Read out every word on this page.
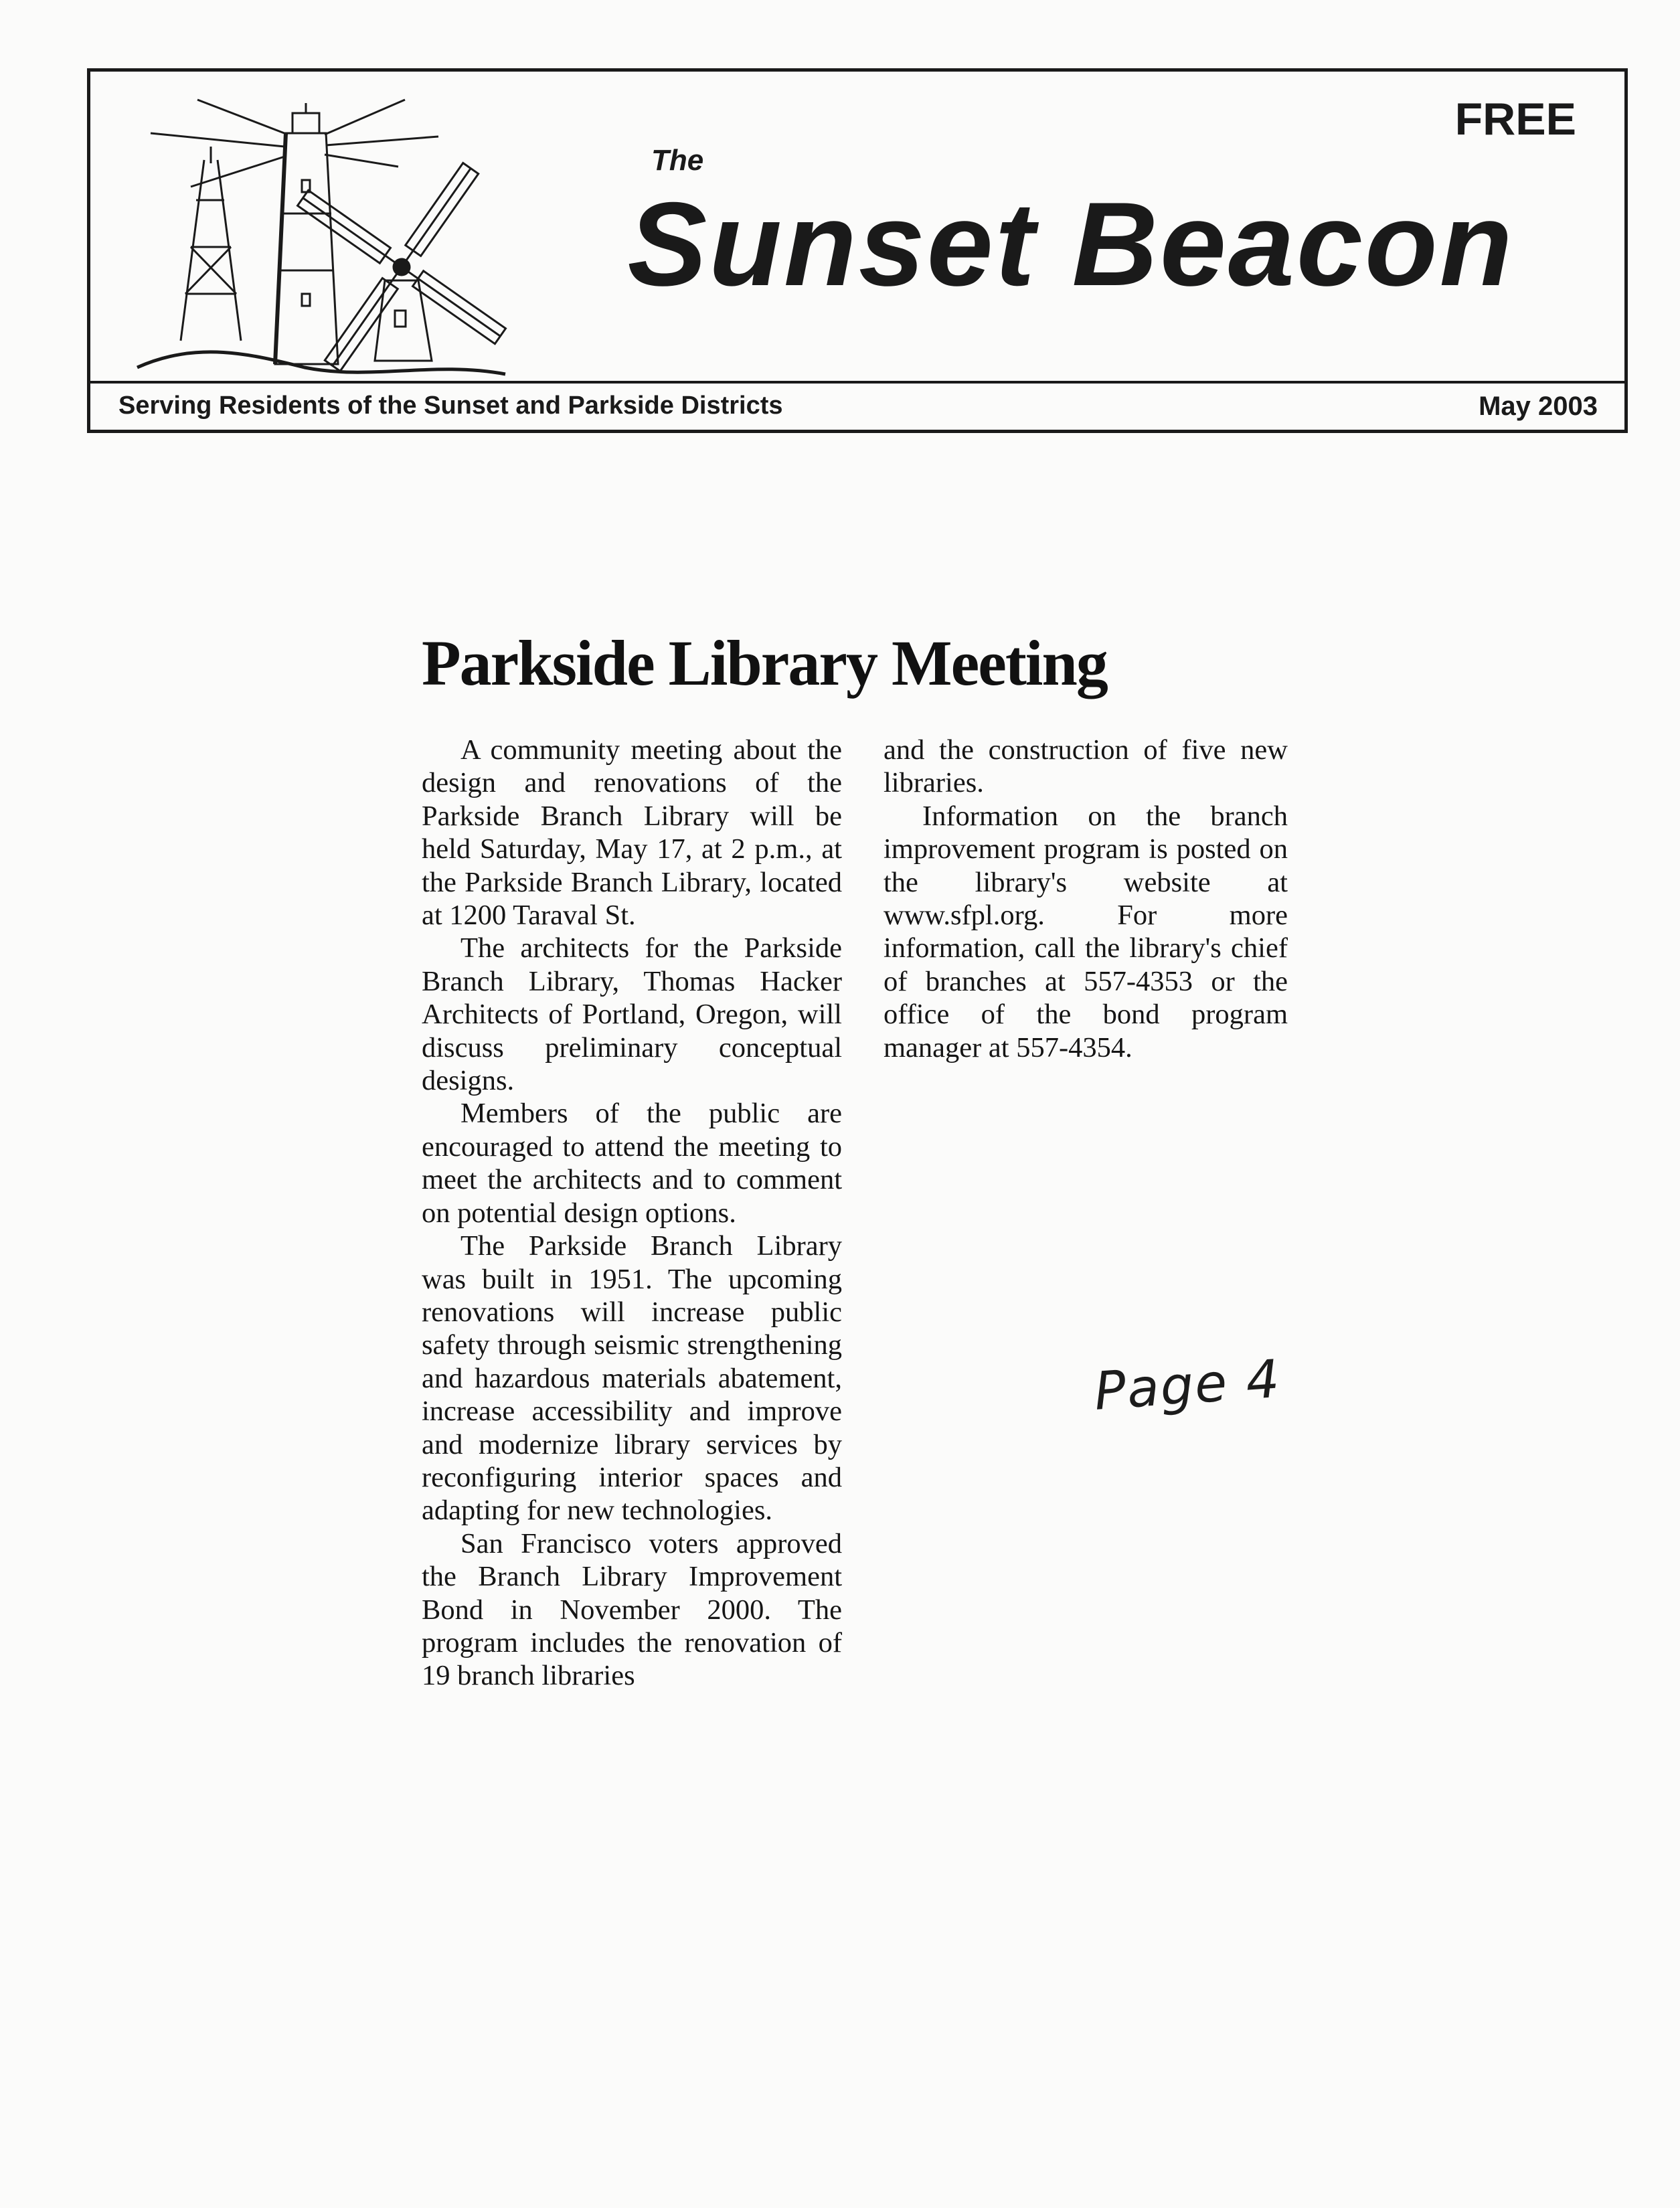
FREE
The
Sunset Beacon
Serving Residents of the Sunset and Parkside Districts	May 2003
Parkside Library Meeting

A community meeting about the design and renovations of the Parkside Branch Library will be held Saturday, May 17, at 2 p.m., at the Parkside Branch Library, located at 1200 Taraval St.

The architects for the Parkside Branch Library, Thomas Hacker Architects of Portland, Oregon, will discuss preliminary conceptual designs.

Members of the public are encouraged to attend the meeting to meet the architects and to comment on potential design options.

The Parkside Branch Library was built in 1951. The upcoming renovations will increase public safety through seismic strengthening and hazardous materials abatement, increase accessibility and improve and modernize library services by reconfiguring interior spaces and adapting for new technologies.

San Francisco voters approved the Branch Library Improvement Bond in November 2000. The program includes the renovation of 19 branch libraries

and the construction of five new libraries.

Information on the branch improvement program is posted on the library's website at www.sfpl.org. For more information, call the library's chief of branches at 557-4353 or the office of the bond program manager at 557-4354.

Page 4
